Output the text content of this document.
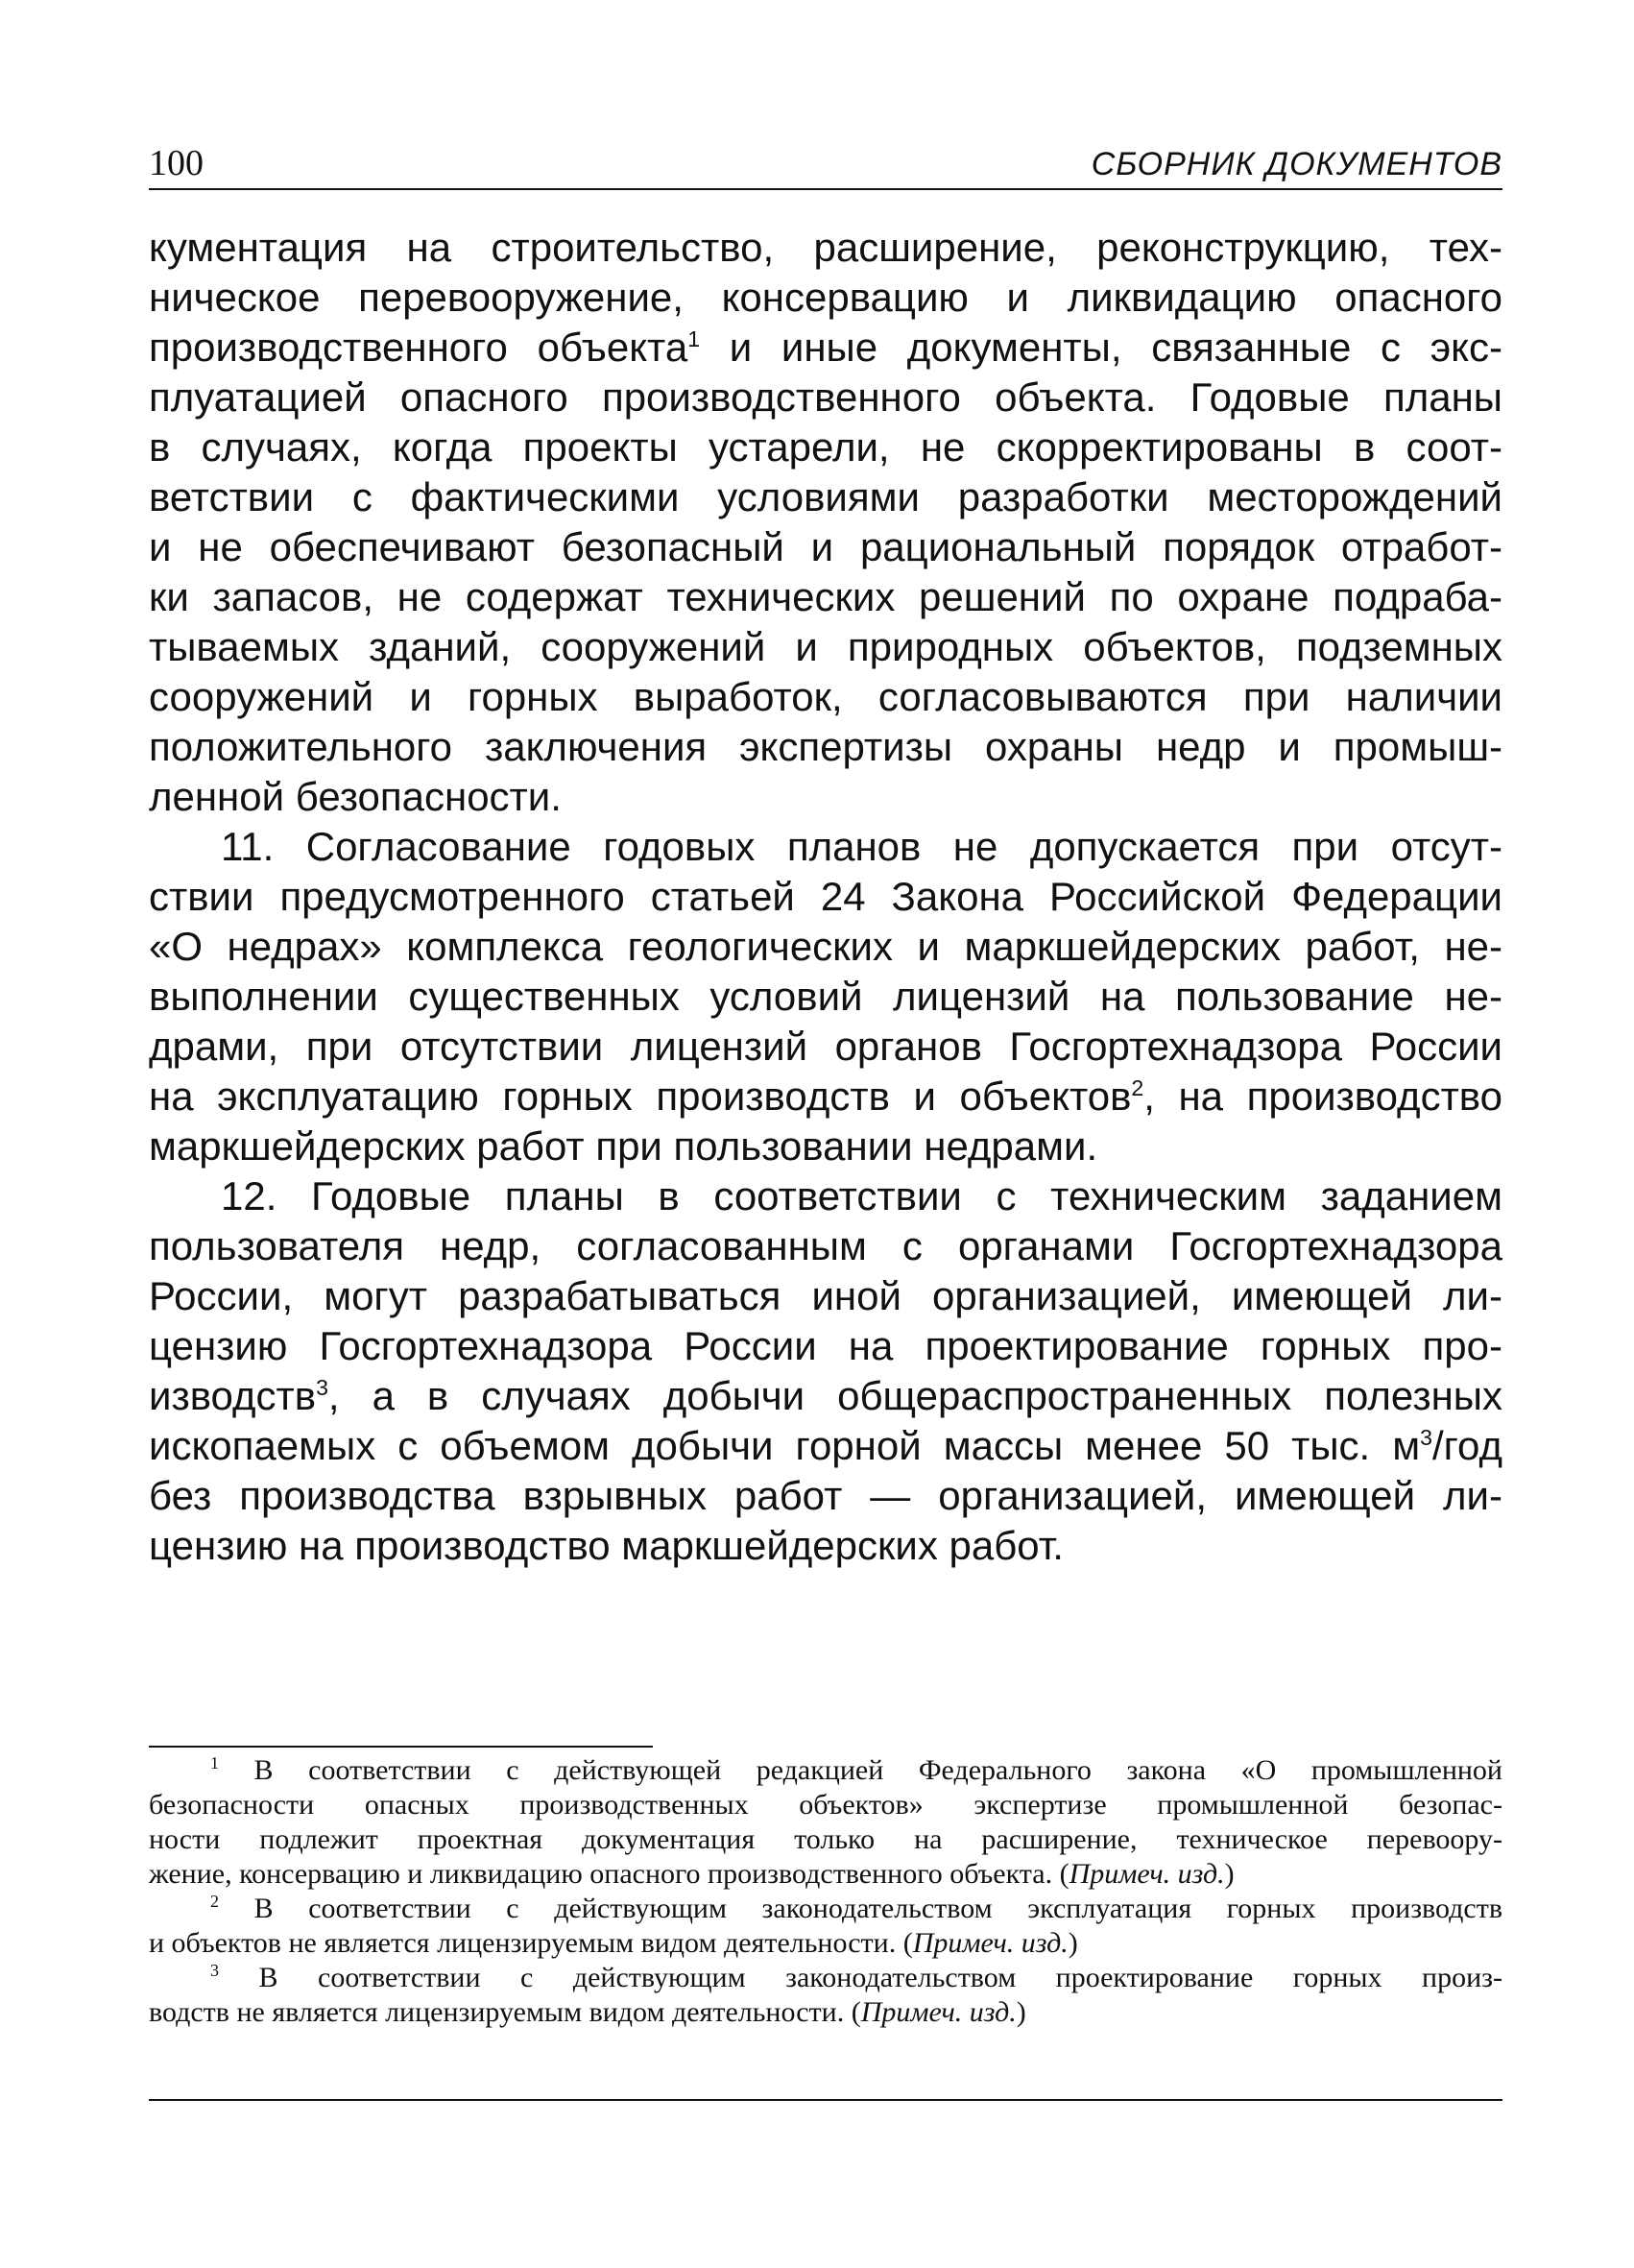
100	СБОРНИК ДОКУМЕНТОВ
кументация на строительство, расширение, реконструкцию, тех-
ническое перевооружение, консервацию и ликвидацию опасного
производственного объекта$^1$ и иные документы, связанные с экс-
плуатацией опасного производственного объекта. Годовые планы
в случаях, когда проекты устарели, не скорректированы в соот-
ветствии с фактическими условиями разработки месторождений
и не обеспечивают безопасный и рациональный порядок отработ-
ки запасов, не содержат технических решений по охране подраба-
тываемых зданий, сооружений и природных объектов, подземных
сооружений и горных выработок, согласовываются при наличии
положительного заключения экспертизы охраны недр и промыш-
ленной безопасности.
11. Согласование годовых планов не допускается при отсут-
ствии предусмотренного статьей 24 Закона Российской Федерации
«О недрах» комплекса геологических и маркшейдерских работ, не-
выполнении существенных условий лицензий на пользование не-
драми, при отсутствии лицензий органов Госгортехнадзора России
на эксплуатацию горных производств и объектов$^2$, на производство
маркшейдерских работ при пользовании недрами.
12. Годовые планы в соответствии с техническим заданием
пользователя недр, согласованным с органами Госгортехнадзора
России, могут разрабатываться иной организацией, имеющей ли-
цензию Госгортехнадзора России на проектирование горных про-
изводств$^3$, а в случаях добычи общераспространенных полезных
ископаемых с объемом добычи горной массы менее 50 тыс. $м^3$/год
без производства взрывных работ — организацией, имеющей ли-
цензию на производство маркшейдерских работ.
$^1$ В соответствии с действующей редакцией Федерального закона «О промышленной
безопасности опасных производственных объектов» экспертизе промышленной безопас-
ности подлежит проектная документация только на расширение, техническое перевоору-
жение, консервацию и ликвидацию опасного производственного объекта. (Примеч. изд.)
$^2$ В соответствии с действующим законодательством эксплуатация горных производств
и объектов не является лицензируемым видом деятельности. (Примеч. изд.)
$^3$ В соответствии с действующим законодательством проектирование горных произ-
водств не является лицензируемым видом деятельности. (Примеч. изд.)
